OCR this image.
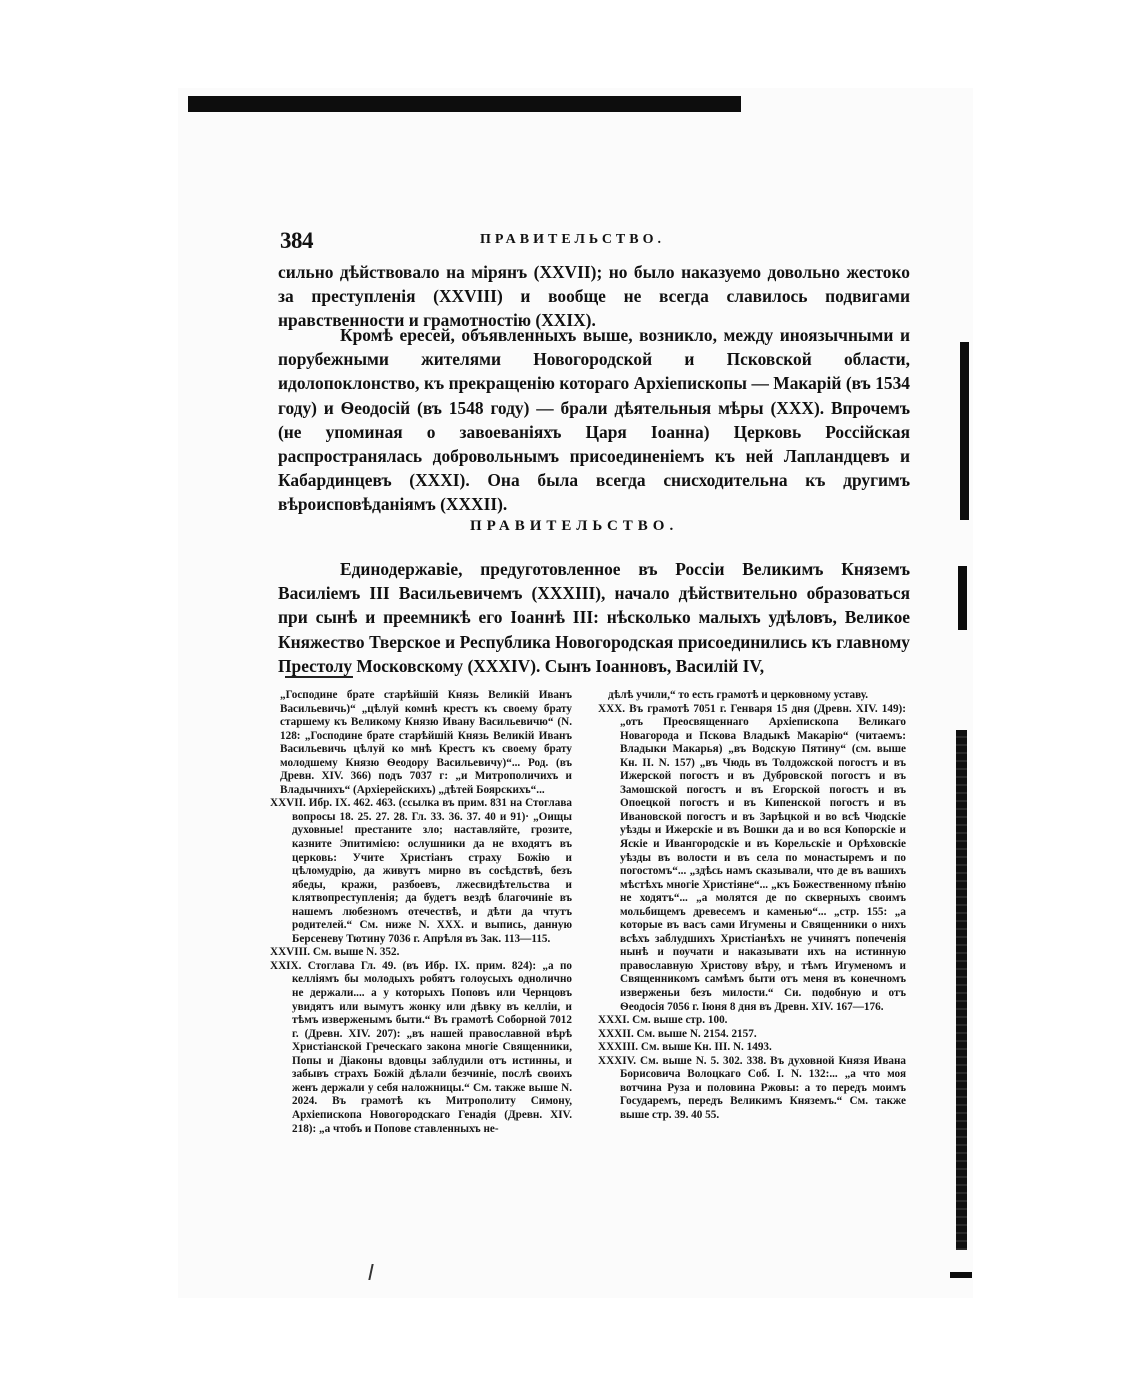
384	ПРАВИТЕЛЬСТВО.

сильно дѣйствовало на мірянъ (XXVII); но было наказуемо довольно жестоко за преступленія (XXVIII) и вообще не всегда славилось подвигами нравственности и грамотностію (XXIX).

Кромѣ ересей, объявленныхъ выше, возникло, между иноязычными и порубежными жителями Новогородской и Псковской области, идолопоклонство, къ прекращенію котораго Архіепископы — Макарій (въ 1534 году) и Ѳеодосій (въ 1548 году) — брали дѣятельныя мѣры (XXX). Впрочемъ (не упоминая о завоеваніяхъ Царя Іоанна) Церковь Россійская распространялась добровольнымъ присоединеніемъ къ ней Лапландцевъ и Кабардинцевъ (XXXI). Она была всегда снисходительна къ другимъ вѣроисповѣданіямъ (XXXII).

ПРАВИТЕЛЬСТВО.

Единодержавіе, предуготовленное въ Россіи Великимъ Княземъ Василіемъ III Васильевичемъ (XXXIII), начало дѣйствительно образоваться при сынѣ и преемникѣ его Іоаннѣ III: нѣсколько малыхъ удѣловъ, Великое Княжество Тверское и Республика Новогородская присоединились къ главному Престолу Московскому (XXXIV). Сынъ Іоанновъ, Василій IV,

„Господине брате старѣйшій Князь Великій Иванъ Васильевичь)“ „цѣлуй комнѣ крестъ къ своему брату старшему къ Великому Князю Ивану Васильевичю“ (N. 128: „Господине брате старѣйшій Князь Великій Иванъ Васильевичь цѣлуй ко мнѣ Крестъ къ своему брату молодшему Князю Ѳеодору Васильевичу)“... Род. (въ Древн. XIV. 366) подъ 7037 г: „и Митрополичихъ и Владычнихъ“ (Архіерейскихъ) „дѣтей Боярскихъ“...

XXVII. Ибр. IX. 462. 463. (ссылка въ прим. 831 на Стоглава вопросы 18. 25. 27. 28. Гл. 33. 36. 37. 40 и 91)· „Оищы духовные! престаните зло; наставляйте, грозите, казните Эпитимією: ослушники да не входятъ въ церковь: Учите Христіанъ страху Божію и цѣломудрію, да живутъ мирно въ сосѣдствѣ, безъ ябеды, кражи, разбоевъ, лжесвидѣтельства и клятвопреступленія; да будетъ вездѣ благочиніе въ нашемъ любезномъ отечествѣ, и дѣти да чтутъ родителей.“ См. ниже N. XXX. и выпись, данную Берсеневу Тютину 7036 г. Апрѣля въ Зак. 113—115.

XXVIII. См. выше N. 352.

XXIX. Стоглава Гл. 49. (въ Ибр. IX. прим. 824): „а по келліямъ бы молодыхъ робятъ голоусыхъ однолично не держали.... а у которыхъ Поповъ или Чернцовъ увидятъ или вымутъ жонку или дѣвку въ келліи, и тѣмъ изверженымъ быти.“ Въ грамотѣ Соборной 7012 г. (Древн. XIV. 207): „въ нашей православной вѣрѣ Христіанской Греческаго закона многіе Священники, Попы и Діаконы вдовцы заблудили отъ истинны, и забывъ страхъ Божій дѣлали безчиніе, послѣ своихъ женъ держали у себя наложницы.“ См. также выше N. 2024. Въ грамотѣ къ Митрополиту Симону, Архіепископа Новогородскаго Генадія (Древн. XIV. 218): „а чтобъ и Попове ставленныхъ не-

дѣлѣ учили,“ то есть грамотѣ и церковному уставу.

XXX. Въ грамотѣ 7051 г. Генваря 15 дня (Древн. XIV. 149): „отъ Преосвященнаго Архіепископа Великаго Новагорода и Пскова Владыкѣ Макарію“ (читаемъ: Владыки Макарья) „въ Водскую Пятину“ (см. выше Кн. II. N. 157) „въ Чюдь въ Толдожской погостъ и въ Ижерской погостъ и въ Дубровской погостъ и въ Замошской погостъ и въ Егорской погостъ и въ Опоецкой погостъ и въ Кипенской погостъ и въ Ивановской погостъ и въ Зарѣцкой и во всѣ Чюдскіе уѣзды и Ижерскіе и въ Вошки да и во вся Копорскіе и Яскіе и Ивангородскіе и въ Корельскіе и Орѣховскіе уѣзды въ волости и въ села по монастыремъ и по погостомъ“... „здѣсь намъ сказывали, что де въ вашихъ мѣстѣхъ многіе Христіяне“... „къ Божественному пѣнію не ходятъ“... „а молятся де по скверныхъ своимъ мольбищемъ древесемъ и каменью“... „стр. 155: „а которые въ васъ сами Игумены и Священники о нихъ всѣхъ заблудшихъ Христіанѣхъ не учинятъ попеченія нынѣ и поучати и наказывати ихъ на истинную православную Христову вѣру, и тѣмъ Игуменомъ и Священникомъ самѣмъ быти отъ меня въ конечномъ изверженьи безъ милости.“ Си. подобную и отъ Ѳеодосія 7056 г. Іюня 8 дня въ Древн. XIV. 167—176.

XXXI. См. выше стр. 100.

XXXII. См. выше N. 2154. 2157.

XXXIII. См. выше Кн. III. N. 1493.

XXXIV. См. выше N. 5. 302. 338. Въ духовной Князя Ивана Борисовича Волоцкаго Соб. I. N. 132:... „а что моя вотчина Руза и половина Ржовы: а то передъ моимъ Государемъ, передъ Великимъ Княземъ.“ См. также выше стр. 39. 40 55.
